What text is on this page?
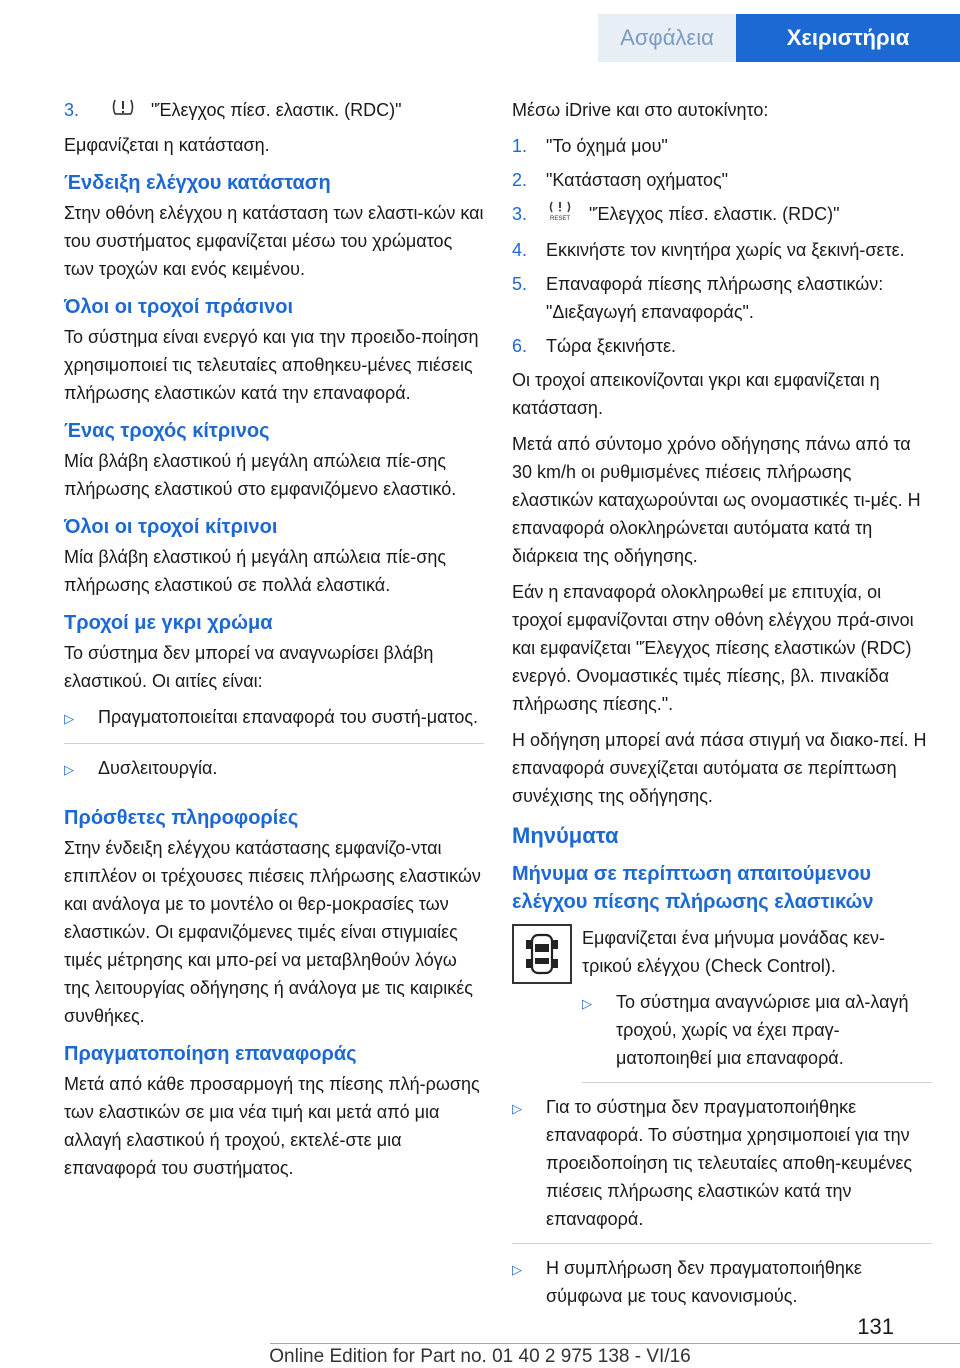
Ασφάλεια	Χειριστήρια
3.	"Έλεγχος πίεσ. ελαστικ. (RDC)"

Εμφανίζεται η κατάσταση.

Ένδειξη ελέγχου κατάσταση

Στην οθόνη ελέγχου η κατάσταση των ελαστι-κών και του συστήματος εμφανίζεται μέσω του χρώματος των τροχών και ενός κειμένου.

Όλοι οι τροχοί πράσινοι

Το σύστημα είναι ενεργό και για την προειδο-ποίηση χρησιμοποιεί τις τελευταίες αποθηκευ-μένες πιέσεις πλήρωσης ελαστικών κατά την επαναφορά.

Ένας τροχός κίτρινος

Μία βλάβη ελαστικού ή μεγάλη απώλεια πίε-σης πλήρωσης ελαστικού στο εμφανιζόμενο ελαστικό.

Όλοι οι τροχοί κίτρινοι

Μία βλάβη ελαστικού ή μεγάλη απώλεια πίε-σης πλήρωσης ελαστικού σε πολλά ελαστικά.

Τροχοί με γκρι χρώμα

Το σύστημα δεν μπορεί να αναγνωρίσει βλάβη ελαστικού. Οι αιτίες είναι:

▷	Πραγματοποιείται επαναφορά του συστή-ματος.
▷	Δυσλειτουργία.
Πρόσθετες πληροφορίες

Στην ένδειξη ελέγχου κατάστασης εμφανίζο-νται επιπλέον οι τρέχουσες πιέσεις πλήρωσης ελαστικών και ανάλογα με το μοντέλο οι θερ-μοκρασίες των ελαστικών. Οι εμφανιζόμενες τιμές είναι στιγμιαίες τιμές μέτρησης και μπο-ρεί να μεταβληθούν λόγω της λειτουργίας οδήγησης ή ανάλογα με τις καιρικές συνθήκες.

Πραγματοποίηση επαναφοράς

Μετά από κάθε προσαρμογή της πίεσης πλή-ρωσης των ελαστικών σε μια νέα τιμή και μετά από μια αλλαγή ελαστικού ή τροχού, εκτελέ-στε μια επαναφορά του συστήματος.

Μέσω iDrive και στο αυτοκίνητο:

1.	"Το όχημά μου"
2.	"Κατάσταση οχήματος"
3.	RESET "Έλεγχος πίεσ. ελαστικ. (RDC)"
4.	Εκκινήστε τον κινητήρα χωρίς να ξεκινή-σετε.
5.	Επαναφορά πίεσης πλήρωσης ελαστικών: "Διεξαγωγή επαναφοράς".
6.	Τώρα ξεκινήστε.

Οι τροχοί απεικονίζονται γκρι και εμφανίζεται η κατάσταση.

Μετά από σύντομο χρόνο οδήγησης πάνω από τα 30 km/h οι ρυθμισμένες πιέσεις πλήρωσης ελαστικών καταχωρούνται ως ονομαστικές τι-μές. Η επαναφορά ολοκληρώνεται αυτόματα κατά τη διάρκεια της οδήγησης.

Εάν η επαναφορά ολοκληρωθεί με επιτυχία, οι τροχοί εμφανίζονται στην οθόνη ελέγχου πρά-σινοι και εμφανίζεται "Έλεγχος πίεσης ελαστικών (RDC) ενεργό. Ονομαστικές τιμές πίεσης, βλ. πινακίδα πλήρωσης πίεσης.".

Η οδήγηση μπορεί ανά πάσα στιγμή να διακο-πεί. Η επαναφορά συνεχίζεται αυτόματα σε περίπτωση συνέχισης της οδήγησης.

Μηνύματα
Μήνυμα σε περίπτωση απαιτούμενου ελέγχου πίεσης πλήρωσης ελαστικών

Εμφανίζεται ένα μήνυμα μονάδας κεν-τρικού ελέγχου (Check Control).

▷	Το σύστημα αναγνώρισε μια αλ-λαγή τροχού, χωρίς να έχει πραγ-ματοποιηθεί μια επαναφορά.
▷	Για το σύστημα δεν πραγματοποιήθηκε επαναφορά. Το σύστημα χρησιμοποιεί για την προειδοποίηση τις τελευταίες αποθη-κευμένες πιέσεις πλήρωσης ελαστικών κατά την επαναφορά.
▷	Η συμπλήρωση δεν πραγματοποιήθηκε σύμφωνα με τους κανονισμούς.
131
Online Edition for Part no. 01 40 2 975 138 - VI/16
